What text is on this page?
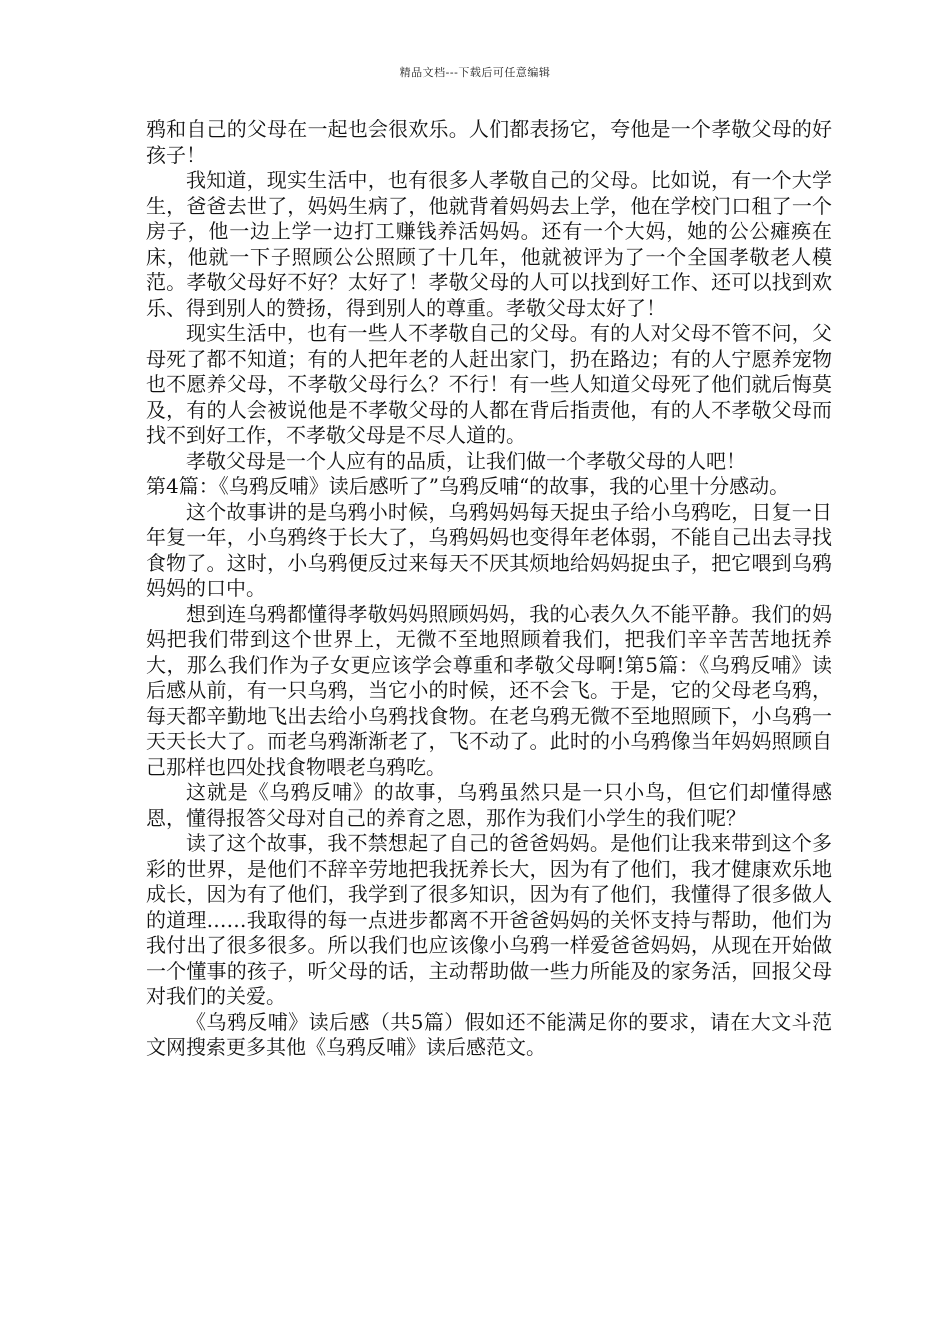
精品文档---下载后可任意编辑

鸦和自己的父母在一起也会很欢乐。人们都表扬它，夸他是一个孝敬父母的好孩子！

我知道，现实生活中，也有很多人孝敬自己的父母。比如说，有一个大学生，爸爸去世了，妈妈生病了，他就背着妈妈去上学，他在学校门口租了一个房子，他一边上学一边打工赚钱养活妈妈。还有一个大妈，她的公公瘫痪在床，他就一下子照顾公公照顾了十几年，他就被评为了一个全国孝敬老人模范。孝敬父母好不好？太好了！孝敬父母的人可以找到好工作、还可以找到欢乐、得到别人的赞扬，得到别人的尊重。孝敬父母太好了！

现实生活中，也有一些人不孝敬自己的父母。有的人对父母不管不问，父母死了都不知道；有的人把年老的人赶出家门，扔在路边；有的人宁愿养宠物也不愿养父母，不孝敬父母行么？不行！有一些人知道父母死了他们就后悔莫及，有的人会被说他是不孝敬父母的人都在背后指责他，有的人不孝敬父母而找不到好工作，不孝敬父母是不尽人道的。

孝敬父母是一个人应有的品质，让我们做一个孝敬父母的人吧！

第4篇：《乌鸦反哺》读后感听了”乌鸦反哺“的故事，我的心里十分感动。

这个故事讲的是乌鸦小时候，乌鸦妈妈每天捉虫子给小乌鸦吃，日复一日年复一年，小乌鸦终于长大了，乌鸦妈妈也变得年老体弱，不能自己出去寻找食物了。这时，小乌鸦便反过来每天不厌其烦地给妈妈捉虫子，把它喂到乌鸦妈妈的口中。

想到连乌鸦都懂得孝敬妈妈照顾妈妈，我的心表久久不能平静。我们的妈妈把我们带到这个世界上，无微不至地照顾着我们，把我们辛辛苦苦地抚养大，那么我们作为子女更应该学会尊重和孝敬父母啊!第5篇：《乌鸦反哺》读后感从前，有一只乌鸦，当它小的时候，还不会飞。于是，它的父母老乌鸦，每天都辛勤地飞出去给小乌鸦找食物。在老乌鸦无微不至地照顾下，小乌鸦一天天长大了。而老乌鸦渐渐老了，飞不动了。此时的小乌鸦像当年妈妈照顾自己那样也四处找食物喂老乌鸦吃。

这就是《乌鸦反哺》的故事，乌鸦虽然只是一只小鸟，但它们却懂得感恩，懂得报答父母对自己的养育之恩，那作为我们小学生的我们呢？

读了这个故事，我不禁想起了自己的爸爸妈妈。是他们让我来带到这个多彩的世界，是他们不辞辛劳地把我抚养长大，因为有了他们，我才健康欢乐地成长，因为有了他们，我学到了很多知识，因为有了他们，我懂得了很多做人的道理……我取得的每一点进步都离不开爸爸妈妈的关怀支持与帮助，他们为我付出了很多很多。所以我们也应该像小乌鸦一样爱爸爸妈妈，从现在开始做一个懂事的孩子，听父母的话，主动帮助做一些力所能及的家务活，回报父母对我们的关爱。

《乌鸦反哺》读后感（共5篇）假如还不能满足你的要求，请在大文斗范文网搜索更多其他《乌鸦反哺》读后感范文。
